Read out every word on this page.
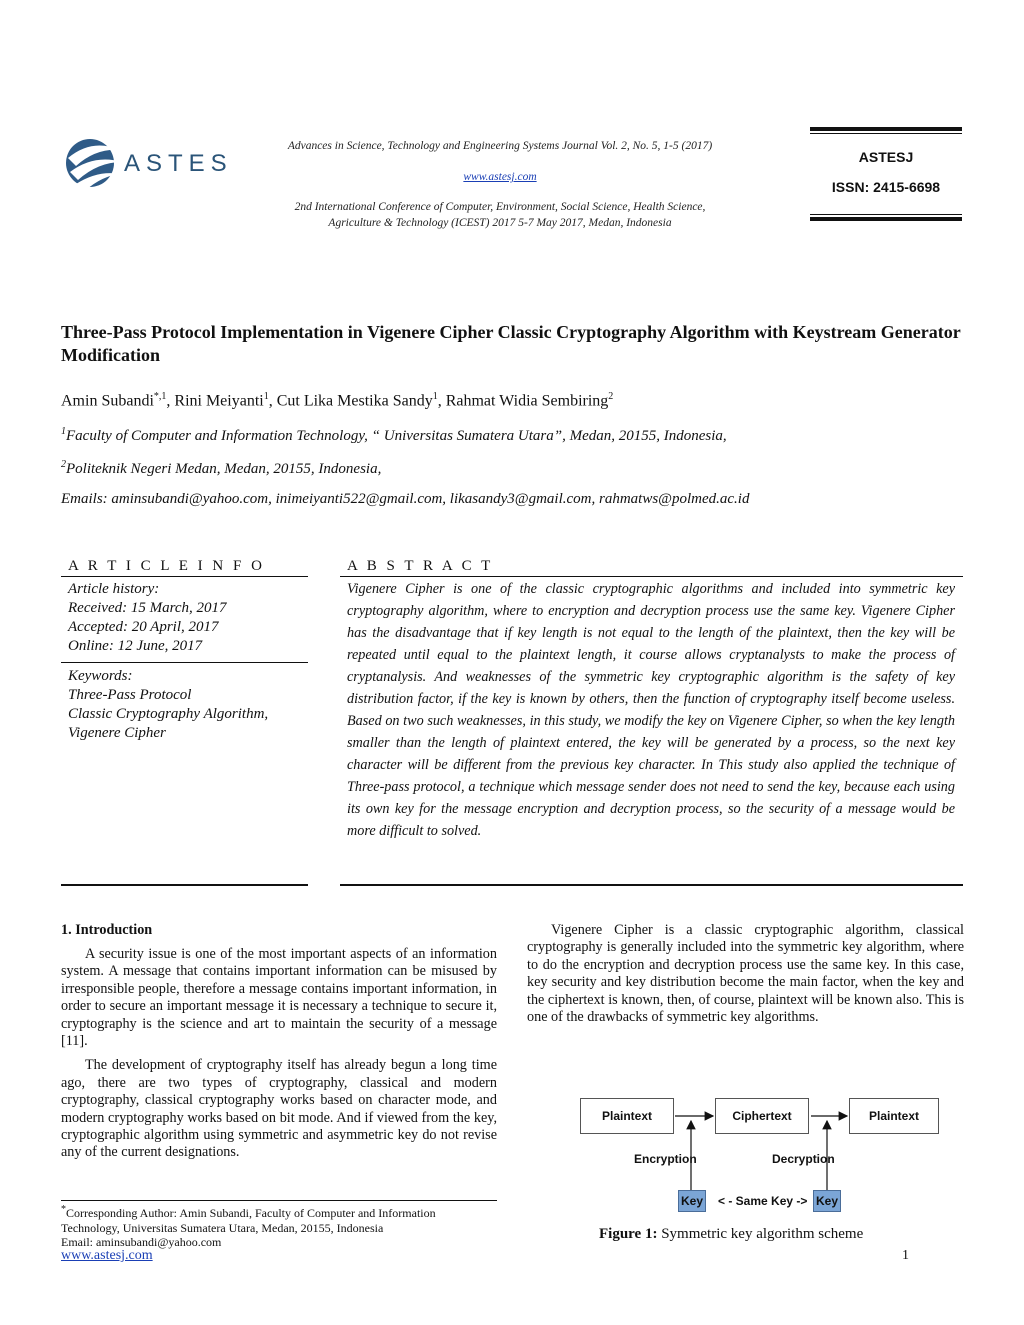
ASTES
Advances in Science, Technology and Engineering Systems Journal Vol. 2, No. 5, 1-5 (2017)
www.astesj.com
2nd International Conference of Computer, Environment, Social Science, Health Science,
Agriculture & Technology (ICEST) 2017 5-7 May 2017, Medan, Indonesia
ASTESJ
ISSN: 2415-6698
Three-Pass Protocol Implementation in Vigenere Cipher Classic Cryptography Algorithm with Keystream Generator Modification
Amin Subandi$^{*,1}$, Rini Meiyanti$^1$, Cut Lika Mestika Sandy$^1$, Rahmat Widia Sembiring$^2$
$^1$Faculty of Computer and Information Technology, “ Universitas Sumatera Utara”, Medan, 20155, Indonesia,
$^2$Politeknik Negeri Medan, Medan, 20155, Indonesia,
Emails: aminsubandi@yahoo.com, inimeiyanti522@gmail.com, likasandy3@gmail.com, rahmatws@polmed.ac.id
A R T I C L E I N F O
Article history:
Received: 15 March, 2017
Accepted: 20 April, 2017
Online: 12 June, 2017
Keywords:
Three-Pass Protocol
Classic Cryptography Algorithm,
Vigenere Cipher
A B S T R A C T
Vigenere Cipher is one of the classic cryptographic algorithms and included into symmetric key cryptography algorithm, where to encryption and decryption process use the same key. Vigenere Cipher has the disadvantage that if key length is not equal to the length of the plaintext, then the key will be repeated until equal to the plaintext length, it course allows cryptanalysts to make the process of cryptanalysis. And weaknesses of the symmetric key cryptographic algorithm is the safety of key distribution factor, if the key is known by others, then the function of cryptography itself become useless. Based on two such weaknesses, in this study, we modify the key on Vigenere Cipher, so when the key length smaller than the length of plaintext entered, the key will be generated by a process, so the next key character will be different from the previous key character. In This study also applied the technique of Three-pass protocol, a technique which message sender does not need to send the key, because each using its own key for the message encryption and decryption process, so the security of a message would be more difficult to solved.
1. Introduction

A security issue is one of the most important aspects of an information system. A message that contains important information can be misused by irresponsible people, therefore a message contains important information, in order to secure an important message it is necessary a technique to secure it, cryptography is the science and art to maintain the security of a message [11].

The development of cryptography itself has already begun a long time ago, there are two types of cryptography, classical and modern cryptography, classical cryptography works based on character mode, and modern cryptography works based on bit mode. And if viewed from the key, cryptographic algorithm using symmetric and asymmetric key do not revise any of the current designations.

*Corresponding Author: Amin Subandi, Faculty of Computer and Information Technology, Universitas Sumatera Utara, Medan, 20155, Indonesia
Email: aminsubandi@yahoo.com
www.astesj.com	1

Vigenere Cipher is a classic cryptographic algorithm, classical cryptography is generally included into the symmetric key algorithm, where to do the encryption and decryption process use the same key. In this case, key security and key distribution become the main factor, when the key and the ciphertext is known, then, of course, plaintext will be known also. This is one of the drawbacks of symmetric key algorithms.

Plaintext	Ciphertext	Plaintext
Encryption	Decryption
Key	Key
< - Same Key ->
Figure 1: Symmetric key algorithm scheme
